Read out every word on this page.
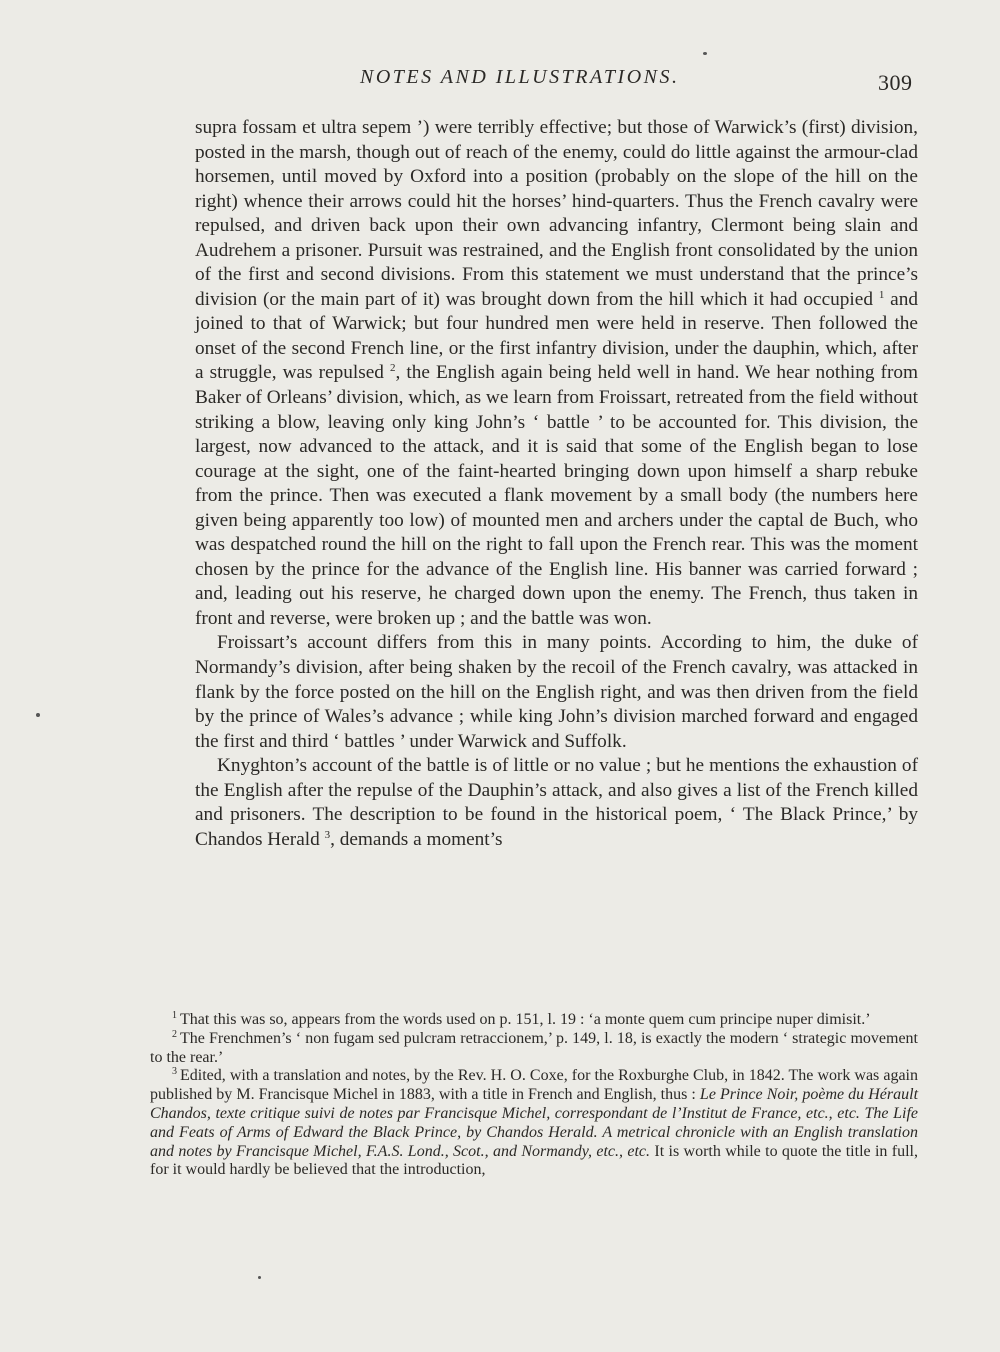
NOTES AND ILLUSTRATIONS.	309

supra fossam et ultra sepem ’) were terribly effective; but those of Warwick’s (first) division, posted in the marsh, though out of reach of the enemy, could do little against the armour-clad horsemen, until moved by Oxford into a position (probably on the slope of the hill on the right) whence their arrows could hit the horses’ hind-quarters. Thus the French cavalry were repulsed, and driven back upon their own advancing infantry, Clermont being slain and Audrehem a prisoner. Pursuit was restrained, and the English front consolidated by the union of the first and second divisions. From this statement we must understand that the prince’s division (or the main part of it) was brought down from the hill which it had occupied $^1$ and joined to that of Warwick; but four hundred men were held in reserve. Then followed the onset of the second French line, or the first infantry division, under the dauphin, which, after a struggle, was repulsed $^2$, the English again being held well in hand. We hear nothing from Baker of Orleans’ division, which, as we learn from Froissart, retreated from the field without striking a blow, leaving only king John’s ‘ battle ’ to be accounted for. This division, the largest, now advanced to the attack, and it is said that some of the English began to lose courage at the sight, one of the faint-hearted bringing down upon himself a sharp rebuke from the prince. Then was executed a flank movement by a small body (the numbers here given being apparently too low) of mounted men and archers under the captal de Buch, who was despatched round the hill on the right to fall upon the French rear. This was the moment chosen by the prince for the advance of the English line. His banner was carried forward ; and, leading out his reserve, he charged down upon the enemy. The French, thus taken in front and reverse, were broken up ; and the battle was won.

Froissart’s account differs from this in many points. According to him, the duke of Normandy’s division, after being shaken by the recoil of the French cavalry, was attacked in flank by the force posted on the hill on the English right, and was then driven from the field by the prince of Wales’s advance ; while king John’s division marched forward and engaged the first and third ‘ battles ’ under Warwick and Suffolk.

Knyghton’s account of the battle is of little or no value ; but he mentions the exhaustion of the English after the repulse of the Dauphin’s attack, and also gives a list of the French killed and prisoners. The description to be found in the historical poem, ‘ The Black Prince,’ by Chandos Herald $^3$, demands a moment’s

$^1$ That this was so, appears from the words used on p. 151, l. 19 : ‘a monte quem cum principe nuper dimisit.’

$^2$ The Frenchmen’s ‘ non fugam sed pulcram retraccionem,’ p. 149, l. 18, is exactly the modern ‘ strategic movement to the rear.’

$^3$ Edited, with a translation and notes, by the Rev. H. O. Coxe, for the Roxburghe Club, in 1842. The work was again published by M. Francisque Michel in 1883, with a title in French and English, thus : Le Prince Noir, poème du Hérault Chandos, texte critique suivi de notes par Francisque Michel, correspondant de l’Institut de France, etc., etc. The Life and Feats of Arms of Edward the Black Prince, by Chandos Herald. A metrical chronicle with an English translation and notes by Francisque Michel, F.A.S. Lond., Scot., and Normandy, etc., etc. It is worth while to quote the title in full, for it would hardly be believed that the introduction,
